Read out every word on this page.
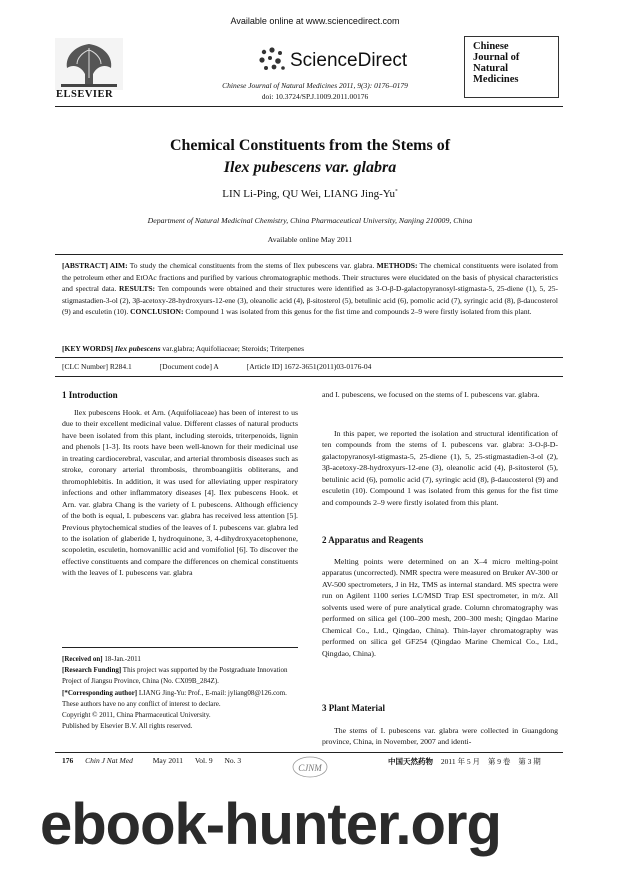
ELSEVIER
Available online at www.sciencedirect.com
ScienceDirect
Chinese Journal of Natural Medicines 2011, 9(3): 0176–0179
doi: 10.3724/SP.J.1009.2011.00176
Chinese
Journal of
Natural
Medicines
Chemical Constituents from the Stems of
Ilex pubescens var. glabra
LIN Li-Ping, QU Wei, LIANG Jing-Yu*
Department of Natural Medicinal Chemistry, China Pharmaceutical University, Nanjing 210009, China
Available online May 2011
[ABSTRACT] AIM: To study the chemical constituents from the stems of Ilex pubescens var. glabra. METHODS: The chemical constituents were isolated from the petroleum ether and EtOAc fractions and purified by various chromatographic methods. Their structures were elucidated on the basis of physical characteristics and spectral data. RESULTS: Ten compounds were obtained and their structures were identified as 3-O-β-D-galactopyranosyl-stigmasta-5, 25-diene (1), 5, 25-stigmastadien-3-ol (2), 3β-acetoxy-28-hydroxyurs-12-ene (3), oleanolic acid (4), β-sitosterol (5), betulinic acid (6), pomolic acid (7), syringic acid (8), β-daucosterol (9) and esculetin (10). CONCLUSION: Compound 1 was isolated from this genus for the fist time and compounds 2–9 were firstly isolated from this plant.
[KEY WORDS] Ilex pubescens var.glabra; Aquifoliaceae; Steroids; Triterpenes
[CLC Number] R284.1	[Document code] A	[Article ID] 1672-3651(2011)03-0176-04
1 Introduction

Ilex pubescens Hook. et Arn. (Aquifoliaceae) has been of interest to us due to their excellent medicinal value. Different classes of natural products have been isolated from this plant, including steroids, triterpenoids, lignin and phenols [1-3]. Its roots have been well-known for their medicinal use in treating cardiocerebral, vascular, and arterial thrombosis diseases such as stroke, coronary arterial thrombosis, thromboangiitis obliterans, and thromophlebitis. In addition, it was used for alleviating upper respiratory infections and other inflammatory diseases [4]. Ilex pubescens Hook. et Arn. var. glabra Chang is the variety of I. pubescens. Although efficiency of the both is equal, I. pubescens var. glabra has received less attention [5]. Previous phytochemical studies of the leaves of I. pubescens var. glabra led to the isolation of glaberide I, hydroquinone, 3, 4-dihydroxyacetophenone, scopoletin, esculetin, homovanillic acid and vomifoliol [6]. To discover the effective constituents and compare the differences on chemical constituents with the leaves of I. pubescens var. glabra

[Received on] 18-Jan.-2011
[Research Funding] This project was supported by the Postgraduate Innovation Project of Jiangsu Province, China (No. CX09B_284Z).
[*Corresponding author] LIANG Jing-Yu: Prof., E-mail: jyliang08@126.com.
These authors have no any conflict of interest to declare.
Copyright © 2011, China Pharmaceutical University.
Published by Elsevier B.V. All rights reserved.

and I. pubescens, we focused on the stems of I. pubescens var. glabra.

In this paper, we reported the isolation and structural identification of ten compounds from the stems of I. pubescens var. glabra: 3-O-β-D-galactopyranosyl-stigmasta-5, 25-diene (1), 5, 25-stigmastadien-3-ol (2), 3β-acetoxy-28-hydroxyurs-12-ene (3), oleanolic acid (4), β-sitosterol (5), betulinic acid (6), pomolic acid (7), syringic acid (8), β-daucosterol (9) and esculetin (10). Compound 1 was isolated from this genus for the fist time and compounds 2–9 were firstly isolated from this plant.

2 Apparatus and Reagents

Melting points were determined on an X–4 micro melting-point apparatus (uncorrected). NMR spectra were measured on Bruker AV-300 or AV-500 spectrometers, J in Hz, TMS as internal standard. MS spectra were run on Agilent 1100 series LC/MSD Trap ESI spectrometer, in m/z. All solvents used were of pure analytical grade. Column chromatography was performed on silica gel (100–200 mesh, 200–300 mesh; Qingdao Marine Chemical Co., Ltd., Qingdao, China). Thin-layer chromatography was performed on silica gel GF254 (Qingdao Marine Chemical Co., Ltd., Qingdao, China).

3 Plant Material

The stems of I. pubescens var. glabra were collected in Guangdong province, China, in November, 2007 and identi-

176 Chin J Nat Med	May 2011 Vol. 9 No. 3
CJNM
中国天然药物 2011 年 5 月 第 9 卷 第 3 期
ebook-hunter.org
